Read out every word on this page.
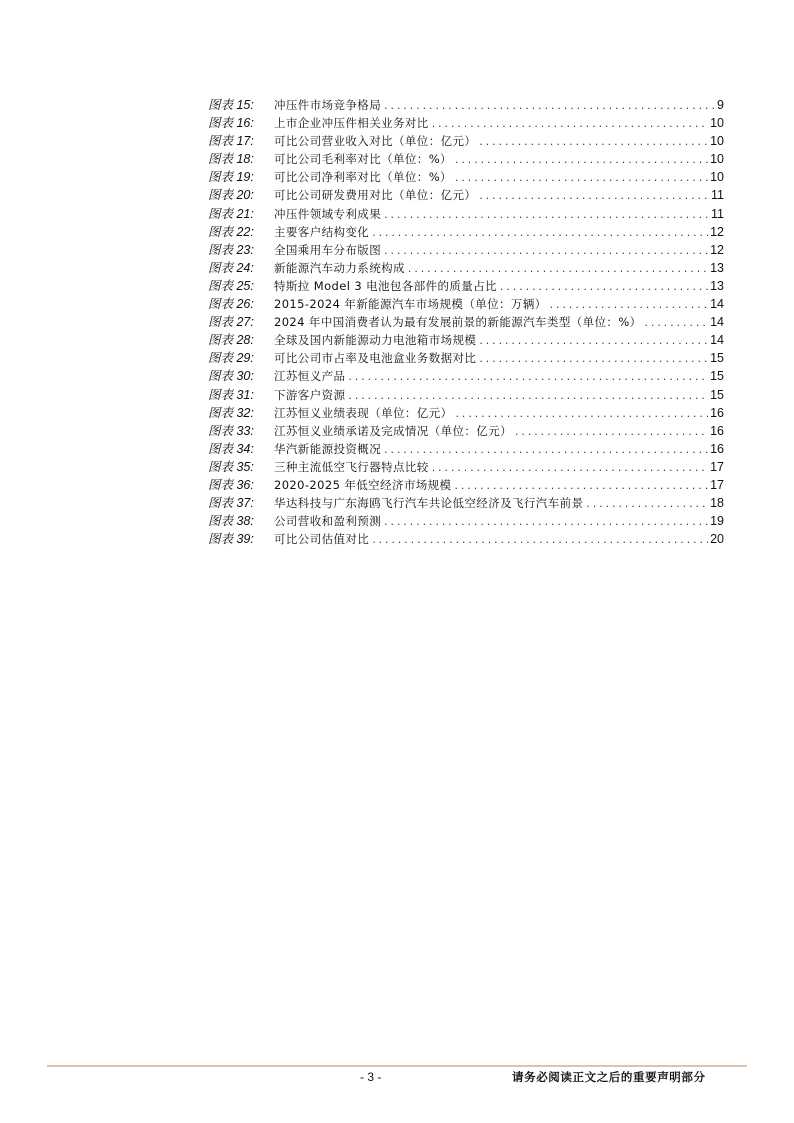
图表 15:	冲压件市场竞争格局 .....	9
图表 16:	上市企业冲压件相关业务对比 .....	10
图表 17:	可比公司营业收入对比（单位：亿元） .....	10
图表 18:	可比公司毛利率对比（单位：%） .....	10
图表 19:	可比公司净利率对比（单位：%） .....	10
图表 20:	可比公司研发费用对比（单位：亿元） .....	11
图表 21:	冲压件领域专利成果 .....	11
图表 22:	主要客户结构变化 .....	12
图表 23:	全国乘用车分布版图 .....	12
图表 24:	新能源汽车动力系统构成 .....	13
图表 25:	特斯拉 Model 3 电池包各部件的质量占比 .....	13
图表 26:	2015-2024 年新能源汽车市场规模（单位：万辆） .....	14
图表 27:	2024 年中国消费者认为最有发展前景的新能源汽车类型（单位：%） .....	14
图表 28:	全球及国内新能源动力电池箱市场规模 .....	14
图表 29:	可比公司市占率及电池盒业务数据对比 .....	15
图表 30:	江苏恒义产品 .....	15
图表 31:	下游客户资源 .....	15
图表 32:	江苏恒义业绩表现（单位：亿元） .....	16
图表 33:	江苏恒义业绩承诺及完成情况（单位：亿元） .....	16
图表 34:	华汽新能源投资概况 .....	16
图表 35:	三种主流低空飞行器特点比较 .....	17
图表 36:	2020-2025 年低空经济市场规模 .....	17
图表 37:	华达科技与广东海鸥飞行汽车共论低空经济及飞行汽车前景 .....	18
图表 38:	公司营收和盈利预测 .....	19
图表 39:	可比公司估值对比 .....	20
- 3 -	请务必阅读正文之后的重要声明部分
